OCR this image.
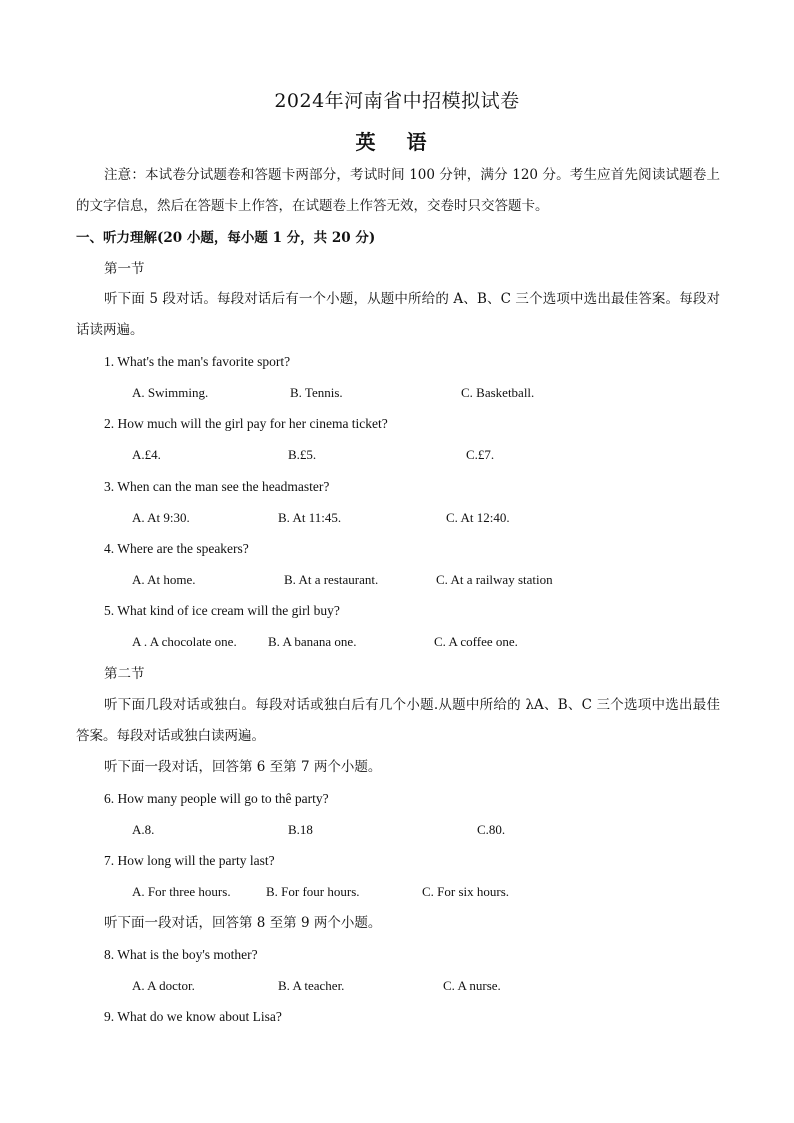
2024年河南省中招模拟试卷
英 语
注意：本试卷分试题卷和答题卡两部分，考试时间 100 分钟，满分 120 分。考生应首先阅读试题卷上的文字信息，然后在答题卡上作答，在试题卷上作答无效，交卷时只交答题卡。
一、听力理解(20 小题，每小题 1 分，共 20 分)
第一节
听下面 5 段对话。每段对话后有一个小题，从题中所给的 A、B、C 三个选项中选出最佳答案。每段对话读两遍。
1. What's the man's favorite sport?
A. Swimming.	B. Tennis.	C. Basketball.
2. How much will the girl pay for her cinema ticket?
A.£4.	B.£5.	C.£7.
3. When can the man see the headmaster?
A. At 9:30.	B. At 11:45.	C. At 12:40.
4. Where are the speakers?
A. At home.	B. At a restaurant.	C. At a railway station
5. What kind of ice cream will the girl buy?
A . A chocolate one. B. A banana one.	C. A coffee one.
第二节
听下面几段对话或独白。每段对话或独白后有几个小题.从题中所给的 λA、B、C 三个选项中选出最佳答案。每段对话或独白读两遍。
听下面一段对话，回答第 6 至第 7 两个小题。
6. How many people will go to thê party?
A.8.	B.18	C.80.
7. How long will the party last?
A. For three hours.	B. For four hours.	C. For six hours.
听下面一段对话，回答第 8 至第 9 两个小题。
8. What is the boy's mother?
A. A doctor.	B. A teacher.	C. A nurse.
9. What do we know about Lisa?
